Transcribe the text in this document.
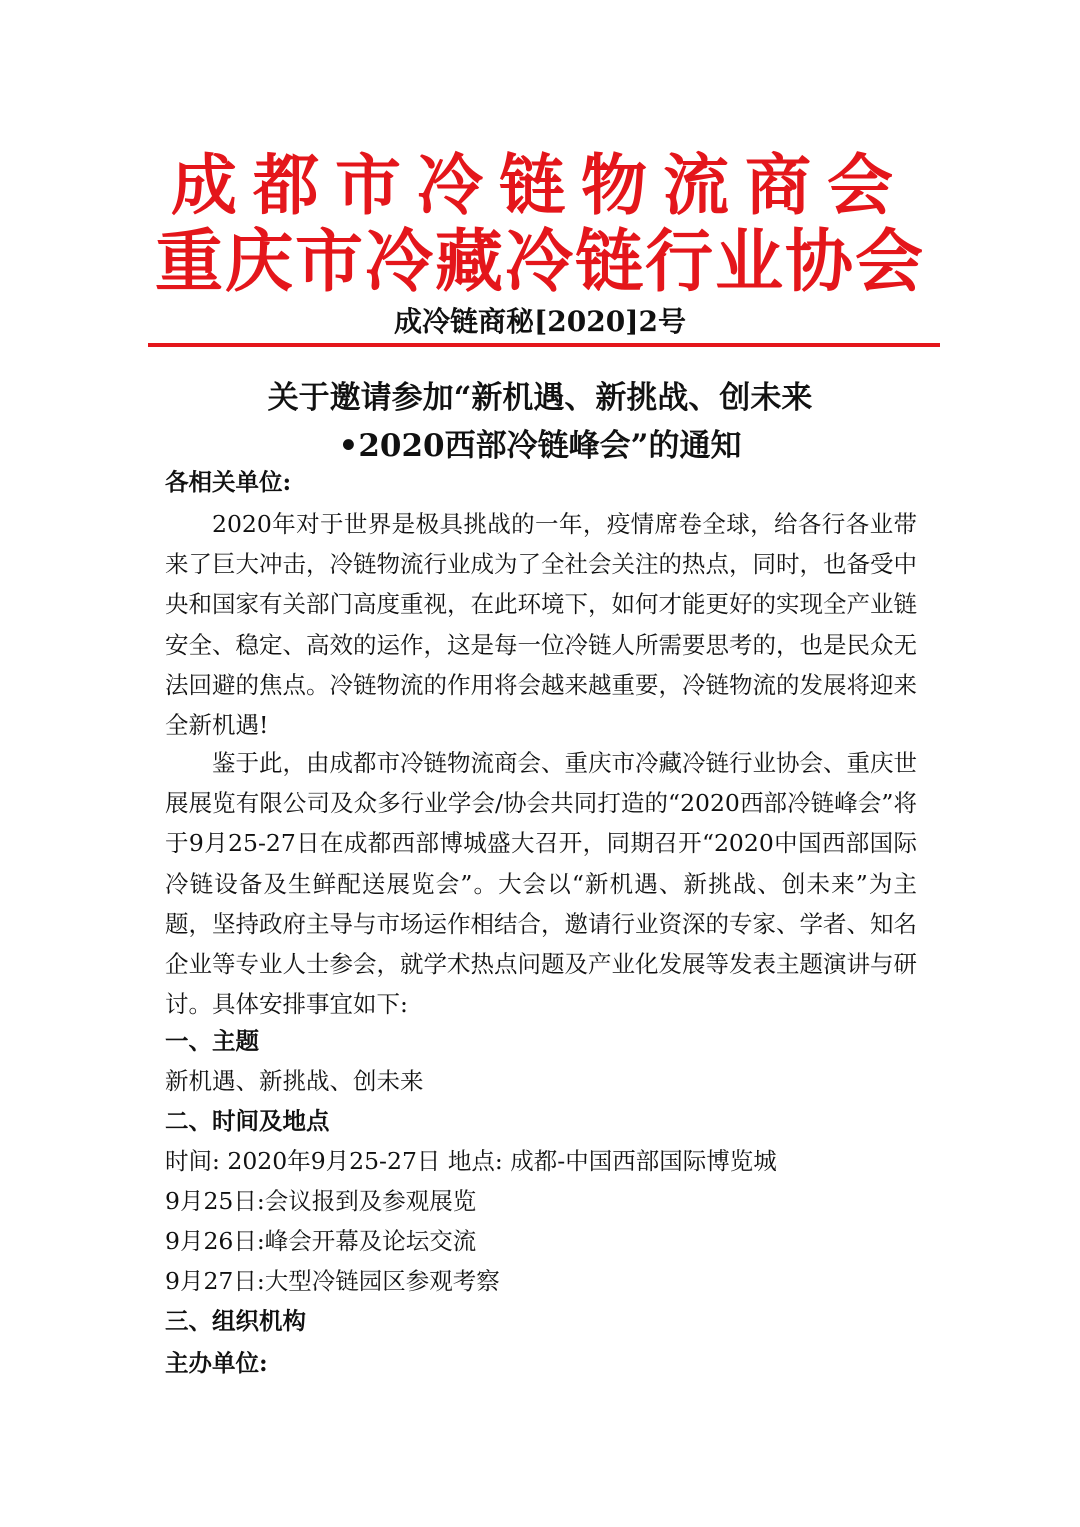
成都市冷链物流商会
重庆市冷藏冷链行业协会
成冷链商秘[2020]2号
关于邀请参加“新机遇、新挑战、创未来
•2020西部冷链峰会”的通知
各相关单位:
2020年对于世界是极具挑战的一年，疫情席卷全球，给各行各业带来了巨大冲击，冷链物流行业成为了全社会关注的热点，同时，也备受中央和国家有关部门高度重视，在此环境下，如何才能更好的实现全产业链安全、稳定、高效的运作，这是每一位冷链人所需要思考的，也是民众无法回避的焦点。冷链物流的作用将会越来越重要，冷链物流的发展将迎来全新机遇!
鉴于此，由成都市冷链物流商会、重庆市冷藏冷链行业协会、重庆世展展览有限公司及众多行业学会/协会共同打造的“2020西部冷链峰会”将于9月25-27日在成都西部博城盛大召开，同期召开“2020中国西部国际冷链设备及生鲜配送展览会”。大会以“新机遇、新挑战、创未来”为主题，坚持政府主导与市场运作相结合，邀请行业资深的专家、学者、知名企业等专业人士参会，就学术热点问题及产业化发展等发表主题演讲与研讨。具体安排事宜如下:
一、主题
新机遇、新挑战、创未来
二、时间及地点
时间: 2020年9月25-27日 地点: 成都-中国西部国际博览城
9月25日:会议报到及参观展览
9月26日:峰会开幕及论坛交流
9月27日:大型冷链园区参观考察
三、组织机构
主办单位:
